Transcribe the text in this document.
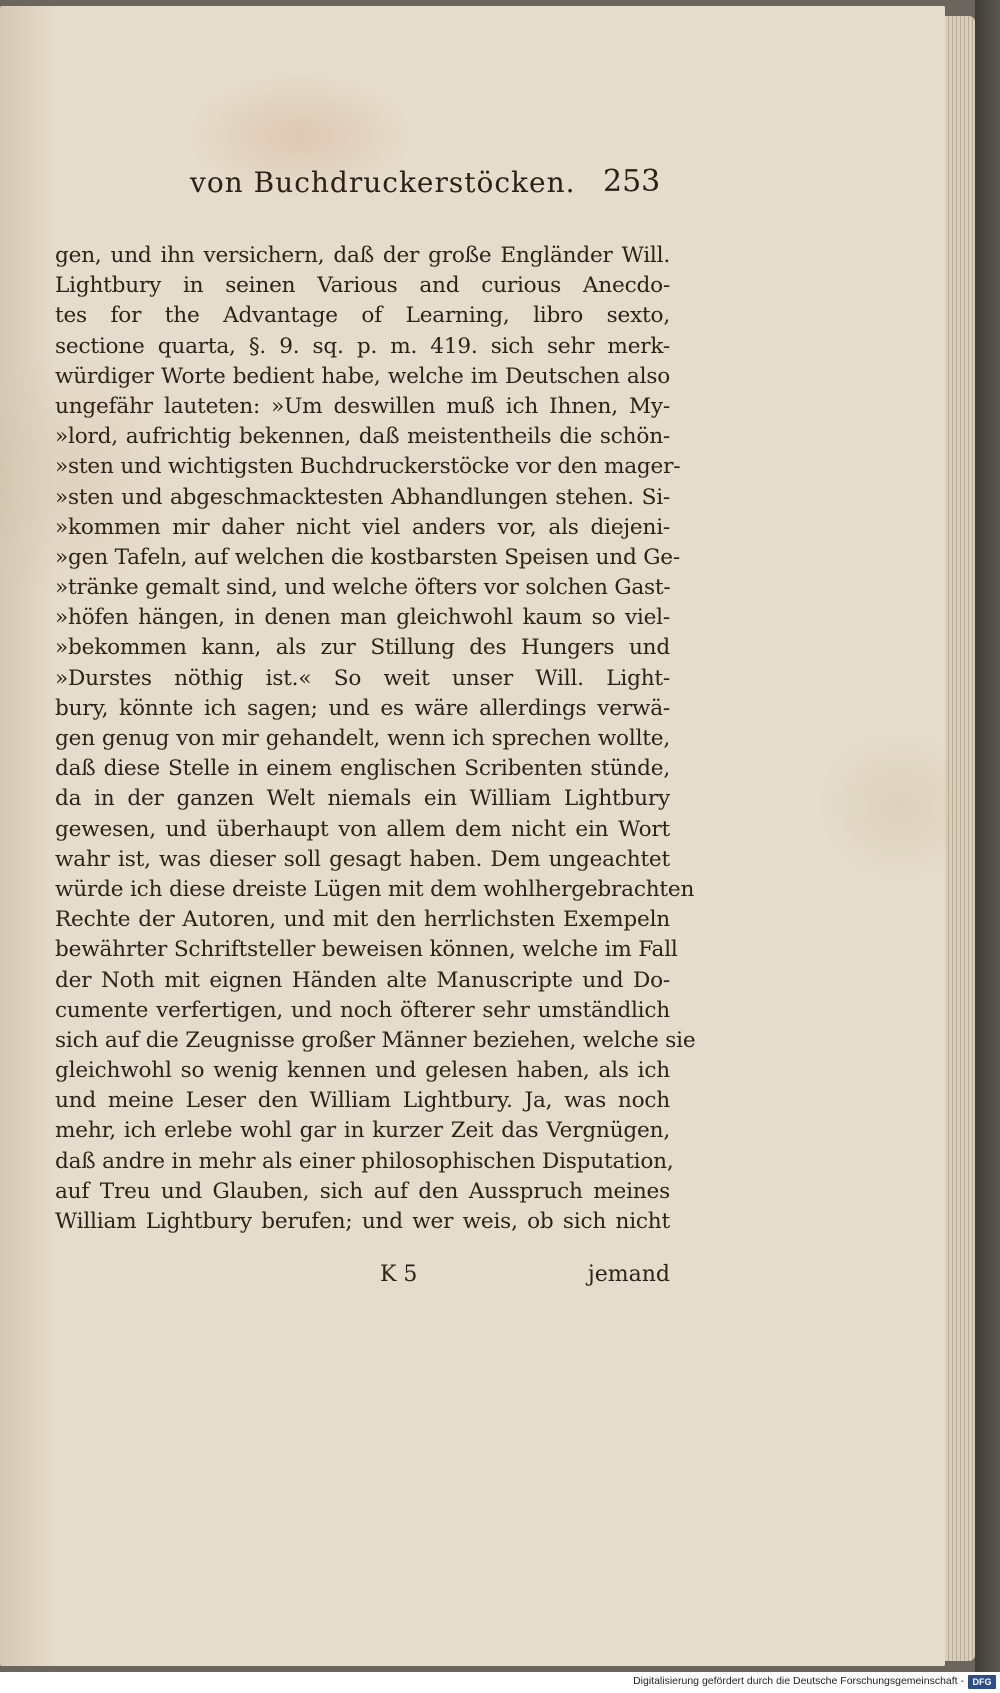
von Buchdruckerstöcken. 253
gen, und ihn versichern, daß der große Engländer Will.
Lightbury in seinen Various and curious Anecdo-
tes for the Advantage of Learning, libro sexto,
sectione quarta, §. 9. sq. p. m. 419. sich sehr merk-
würdiger Worte bedient habe, welche im Deutschen also
ungefähr lauteten: »Um deswillen muß ich Ihnen, My-
»lord, aufrichtig bekennen, daß meistentheils die schön-
»sten und wichtigsten Buchdruckerstöcke vor den mager-
»sten und abgeschmacktesten Abhandlungen stehen. Si-
»kommen mir daher nicht viel anders vor, als diejeni-
»gen Tafeln, auf welchen die kostbarsten Speisen und Ge-
»tränke gemalt sind, und welche öfters vor solchen Gast-
»höfen hängen, in denen man gleichwohl kaum so viel-
»bekommen kann, als zur Stillung des Hungers und
»Durstes nöthig ist.« So weit unser Will. Light-
bury, könnte ich sagen; und es wäre allerdings verwä-
gen genug von mir gehandelt, wenn ich sprechen wollte,
daß diese Stelle in einem englischen Scribenten stünde,
da in der ganzen Welt niemals ein William Lightbury
gewesen, und überhaupt von allem dem nicht ein Wort
wahr ist, was dieser soll gesagt haben. Dem ungeachtet
würde ich diese dreiste Lügen mit dem wohlhergebrachten
Rechte der Autoren, und mit den herrlichsten Exempeln
bewährter Schriftsteller beweisen können, welche im Fall
der Noth mit eignen Händen alte Manuscripte und Do-
cumente verfertigen, und noch öfterer sehr umständlich
sich auf die Zeugnisse großer Männer beziehen, welche sie
gleichwohl so wenig kennen und gelesen haben, als ich
und meine Leser den William Lightbury. Ja, was noch
mehr, ich erlebe wohl gar in kurzer Zeit das Vergnügen,
daß andre in mehr als einer philosophischen Disputation,
auf Treu und Glauben, sich auf den Ausspruch meines
William Lightbury berufen; und wer weis, ob sich nicht
K 5	jemand
Digitalisierung gefördert durch die Deutsche Forschungsgemeinschaft - DFG
